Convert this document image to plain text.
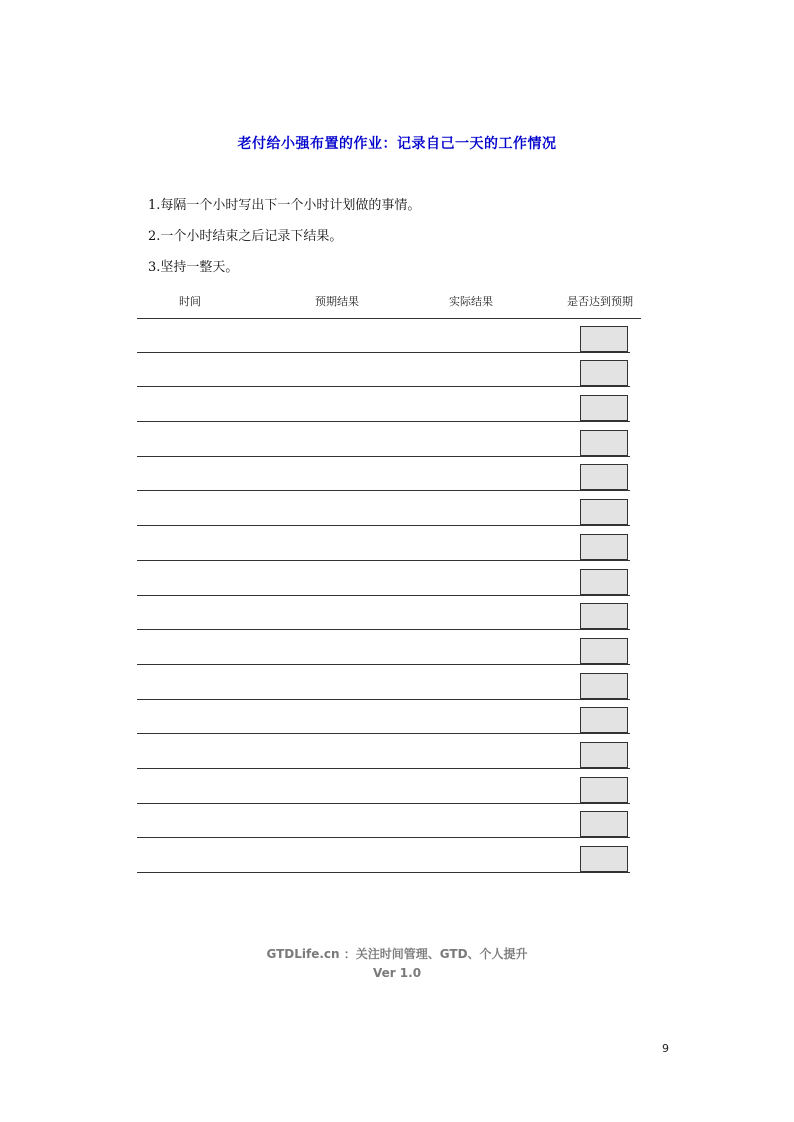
老付给小强布置的作业：记录自己一天的工作情况
1.每隔一个小时写出下一个小时计划做的事情。
2.一个小时结束之后记录下结果。
3.坚持一整天。
时间	预期结果	实际结果	是否达到预期
GTDLife.cn ：关注时间管理、GTD、个人提升
Ver 1.0
9
